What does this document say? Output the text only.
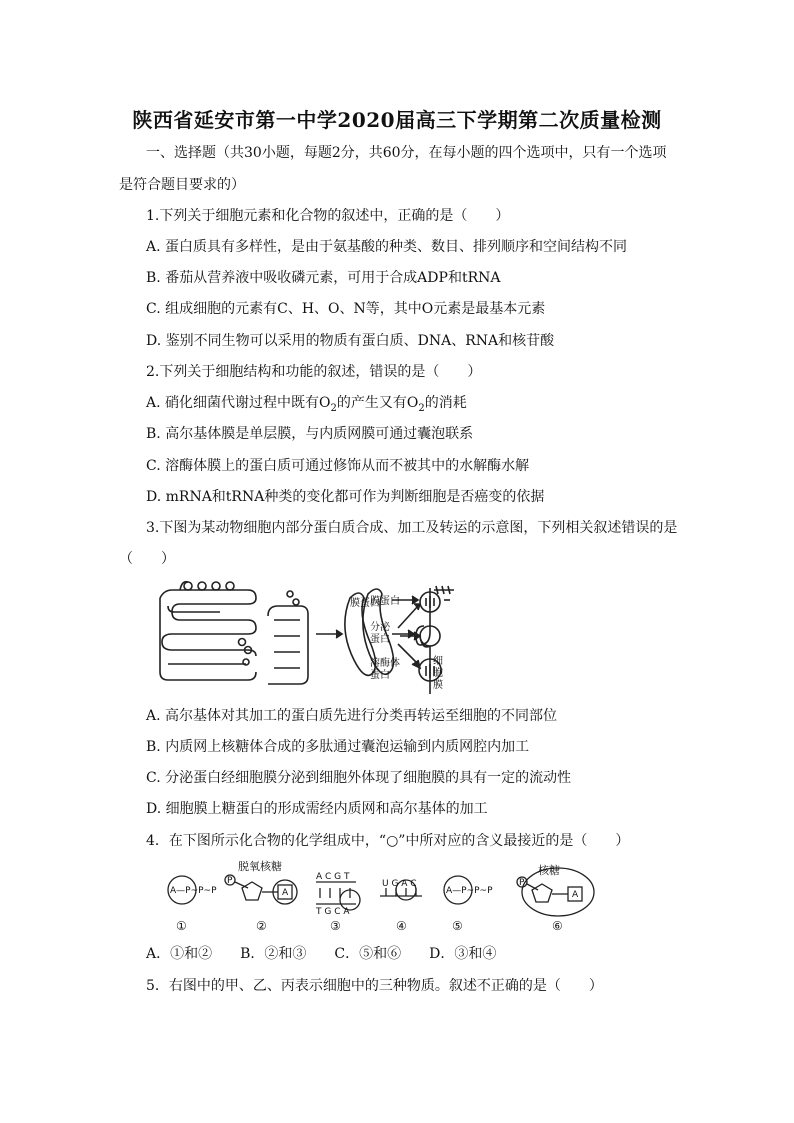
陕西省延安市第一中学2020届高三下学期第二次质量检测
一、选择题（共30小题，每题2分，共60分，在每小题的四个选项中，只有一个选项
是符合题目要求的）
1.下列关于细胞元素和化合物的叙述中，正确的是（　　）
A. 蛋白质具有多样性，是由于氨基酸的种类、数目、排列顺序和空间结构不同
B. 番茄从营养液中吸收磷元素，可用于合成ADP和tRNA
C. 组成细胞的元素有C、H、O、N等，其中O元素是最基本元素
D. 鉴别不同生物可以采用的物质有蛋白质、DNA、RNA和核苷酸
2.下列关于细胞结构和功能的叙述，错误的是（　　）
A. 硝化细菌代谢过程中既有$O_2$的产生又有$O_2$的消耗
B. 高尔基体膜是单层膜，与内质网膜可通过囊泡联系
C. 溶酶体膜上的蛋白质可通过修饰从而不被其中的水解酶水解
D. mRNA和tRNA种类的变化都可作为判断细胞是否癌变的依据
3.下图为某动物细胞内部分蛋白质合成、加工及转运的示意图，下列相关叙述错误的是
（　　）
膜蛋白
膜蛋白
分泌
蛋白
溶酶体
蛋白
细
胞
膜
A. 高尔基体对其加工的蛋白质先进行分类再转运至细胞的不同部位
B. 内质网上核糖体合成的多肽通过囊泡运输到内质网腔内加工
C. 分泌蛋白经细胞膜分泌到细胞外体现了细胞膜的具有一定的流动性
D. 细胞膜上糖蛋白的形成需经内质网和高尔基体的加工
4．在下图所示化合物的化学组成中，“○”中所对应的含义最接近的是（　　）
A—P~P~P
脱氧核糖
P
A
A C G T
T G C A
U G A C
A—P~P~P
核糖
P
A
①	②	③	④	⑤	⑥
A．①和②　　B．②和③　　C．⑤和⑥　　D．③和④
5．右图中的甲、乙、丙表示细胞中的三种物质。叙述不正确的是（　　）
